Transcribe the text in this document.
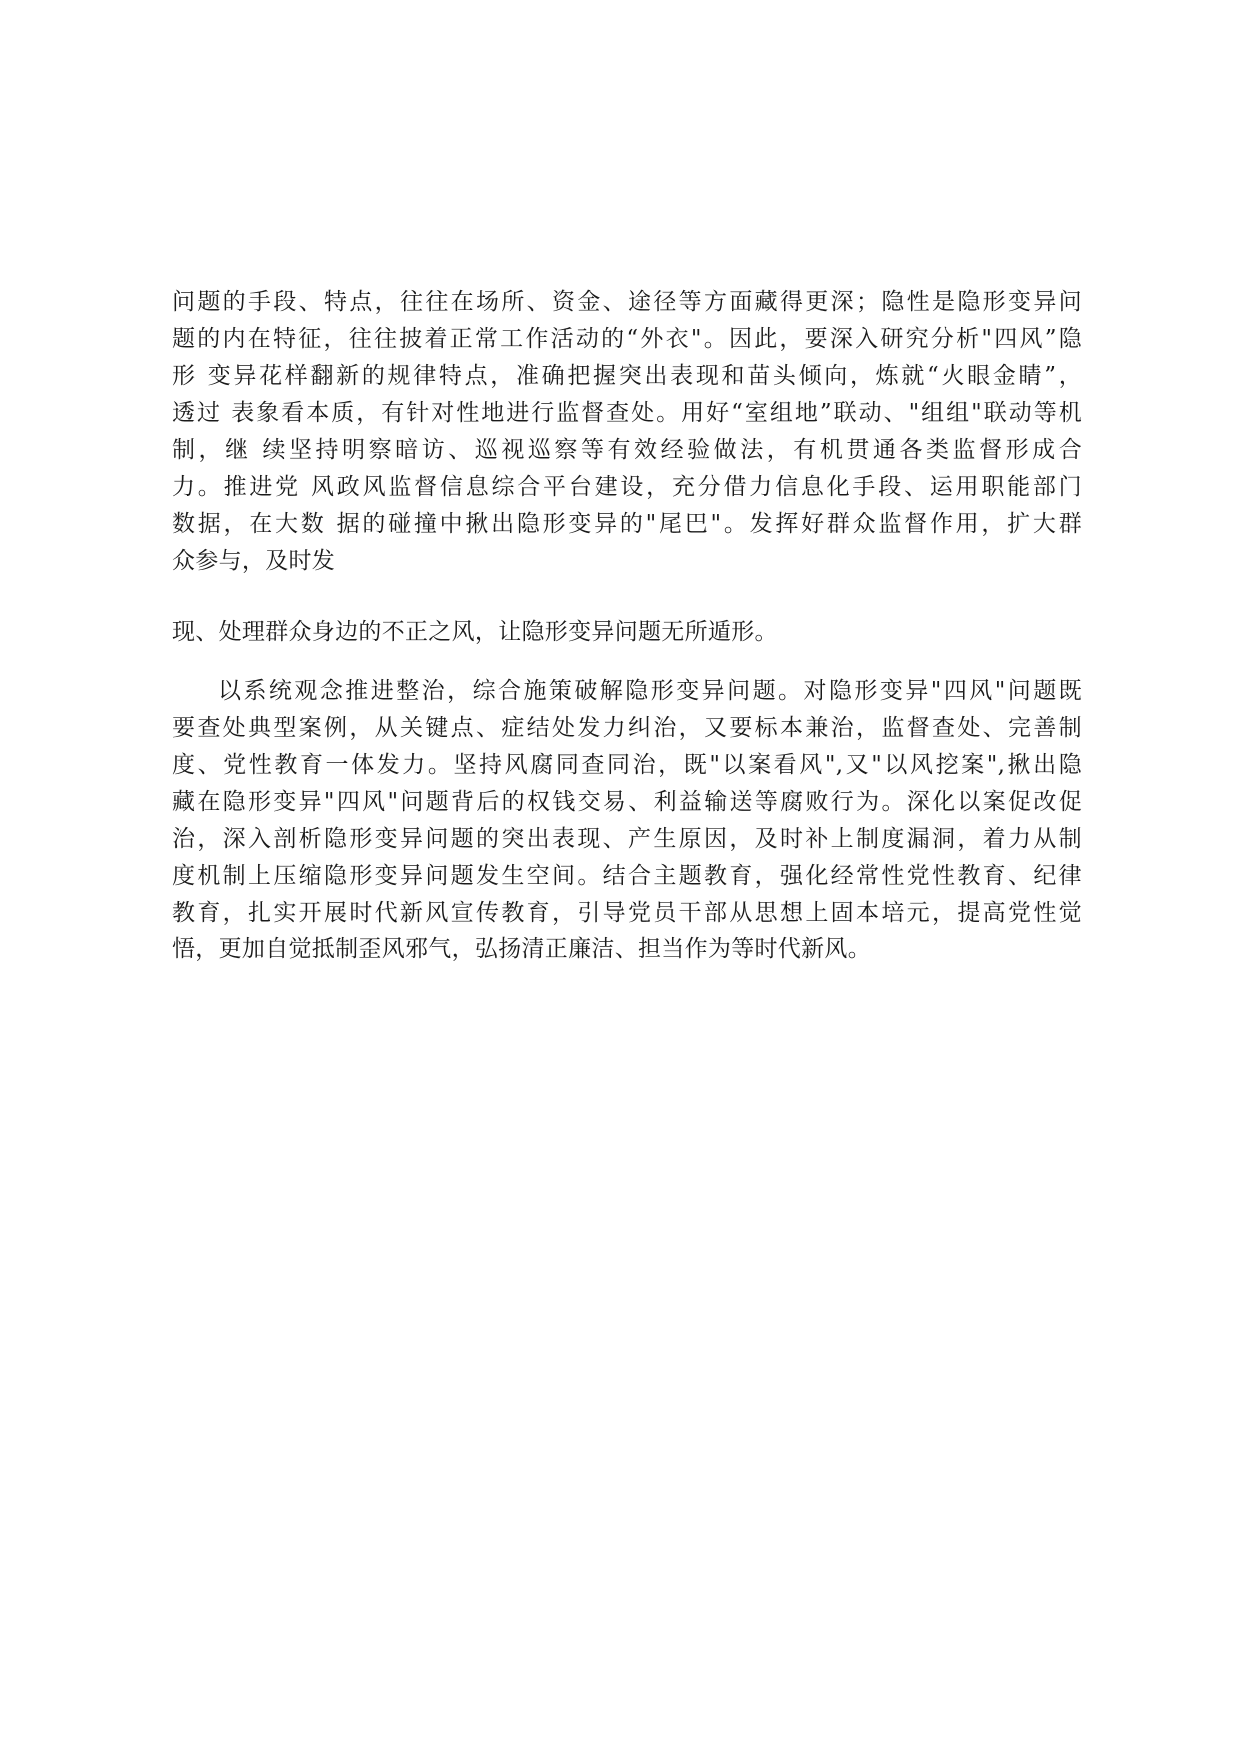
问题的手段、特点，往往在场所、资金、途径等方面藏得更深；隐性是隐形变异问
题的内在特征，往往披着正常工作活动的“外衣"。因此，要深入研究分析"四风”隐
形 变异花样翻新的规律特点，准确把握突出表现和苗头倾向，炼就“火眼金睛”，
透过 表象看本质，有针对性地进行监督查处。用好“室组地”联动、"组组"联动等机
制，继 续坚持明察暗访、巡视巡察等有效经验做法，有机贯通各类监督形成合
力。推进党 风政风监督信息综合平台建设，充分借力信息化手段、运用职能部门
数据，在大数 据的碰撞中揪出隐形变异的"尾巴"。发挥好群众监督作用，扩大群
众参与，及时发
现、处理群众身边的不正之风，让隐形变异问题无所遁形。
以系统观念推进整治，综合施策破解隐形变异问题。对隐形变异"四风"问题既
要查处典型案例，从关键点、症结处发力纠治，又要标本兼治，监督查处、完善制
度、党性教育一体发力。坚持风腐同查同治，既"以案看风",又"以风挖案",揪出隐
藏在隐形变异"四风"问题背后的权钱交易、利益输送等腐败行为。深化以案促改促
治，深入剖析隐形变异问题的突出表现、产生原因，及时补上制度漏洞，着力从制
度机制上压缩隐形变异问题发生空间。结合主题教育，强化经常性党性教育、纪律
教育，扎实开展时代新风宣传教育，引导党员干部从思想上固本培元，提高党性觉
悟，更加自觉抵制歪风邪气，弘扬清正廉洁、担当作为等时代新风。
